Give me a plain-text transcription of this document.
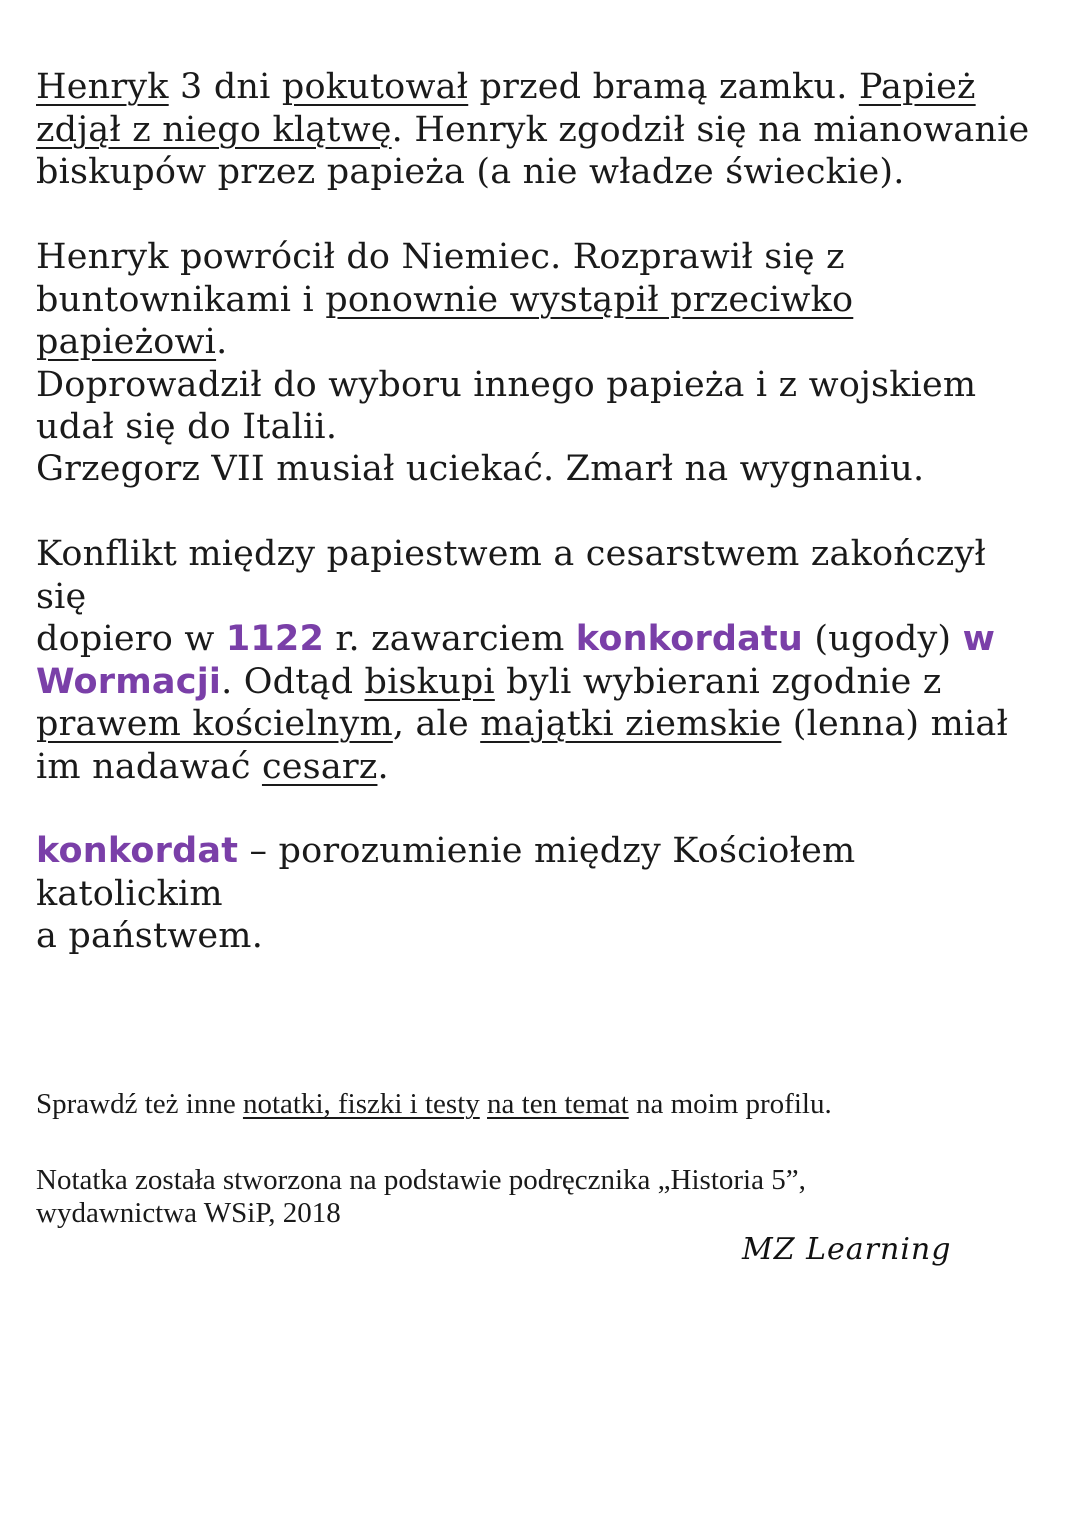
Henryk 3 dni pokutował przed bramą zamku. Papież
zdjął z niego klątwę. Henryk zgodził się na mianowanie
biskupów przez papieża (a nie władze świeckie).

Henryk powrócił do Niemiec. Rozprawił się z
buntownikami i ponownie wystąpił przeciwko papieżowi.
Doprowadził do wyboru innego papieża i z wojskiem
udał się do Italii.

Grzegorz VII musiał uciekać. Zmarł na wygnaniu.

Konflikt między papiestwem a cesarstwem zakończył się
dopiero w 1122 r. zawarciem konkordatu (ugody) w
Wormacji. Odtąd biskupi byli wybierani zgodnie z
prawem kościelnym, ale majątki ziemskie (lenna) miał
im nadawać cesarz.

konkordat – porozumienie między Kościołem katolickim
a państwem.

Sprawdź też inne notatki, fiszki i testy na ten temat na moim profilu.

Notatka została stworzona na podstawie podręcznika „Historia 5”,
wydawnictwa WSiP, 2018

MZ Learning
